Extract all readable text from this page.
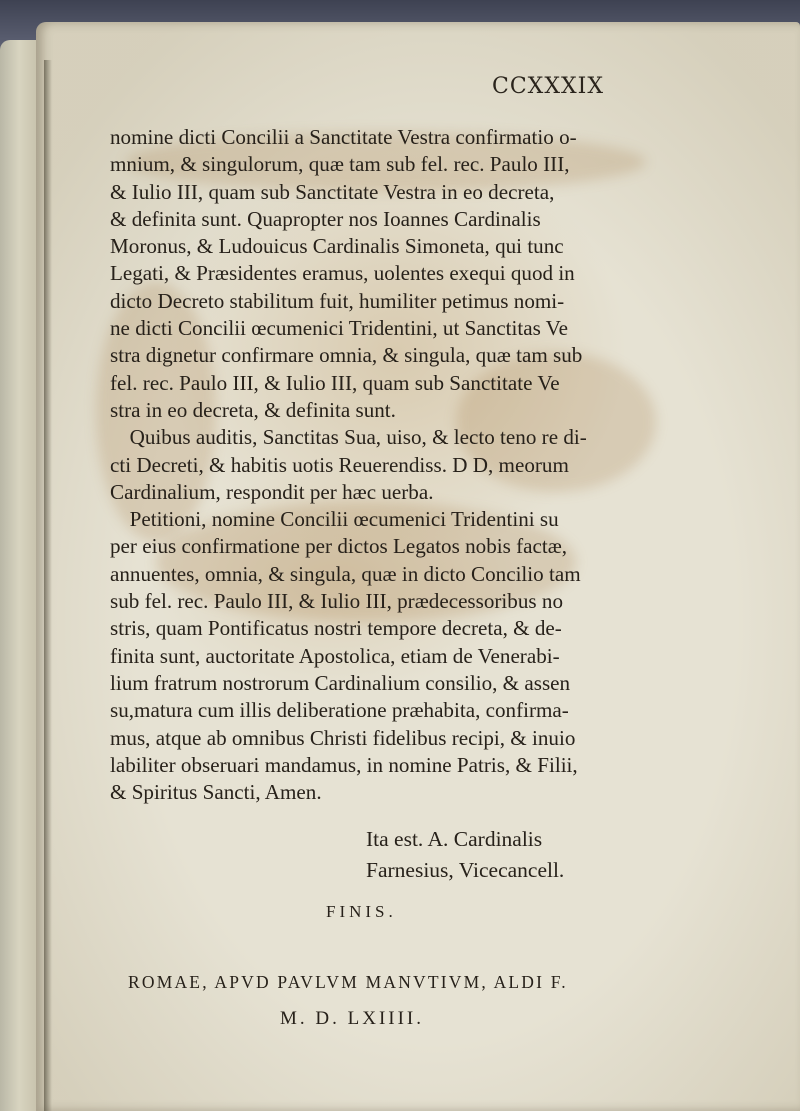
CCXXXIX
nomine dicti Concilii a Sanctitate Vestra confirmatio o-
mnium, & singulorum, quæ tam sub fel. rec. Paulo III,
& Iulio III, quam sub Sanctitate Vestra in eo decreta,
& definita sunt. Quapropter nos Ioannes Cardinalis
Moronus, & Ludouicus Cardinalis Simoneta, qui tunc
Legati, & Præsidentes eramus, uolentes exequi quod in
dicto Decreto stabilitum fuit, humiliter petimus nomi-
ne dicti Concilii œcumenici Tridentini, ut Sanctitas Ve
stra dignetur confirmare omnia, & singula, quæ tam sub
fel. rec. Paulo III, & Iulio III, quam sub Sanctitate Ve
stra in eo decreta, & definita sunt.
Quibus auditis, Sanctitas Sua, uiso, & lecto teno re di-
cti Decreti, & habitis uotis Reuerendiss. D D, meorum
Cardinalium, respondit per hæc uerba.
Petitioni, nomine Concilii œcumenici Tridentini su
per eius confirmatione per dictos Legatos nobis factæ,
annuentes, omnia, & singula, quæ in dicto Concilio tam
sub fel. rec. Paulo III, & Iulio III, prædecessoribus no
stris, quam Pontificatus nostri tempore decreta, & de-
finita sunt, auctoritate Apostolica, etiam de Venerabi-
lium fratrum nostrorum Cardinalium consilio, & assen
su,matura cum illis deliberatione præhabita, confirma-
mus, atque ab omnibus Christi fidelibus recipi, & inuio
labiliter obseruari mandamus, in nomine Patris, & Filii,
& Spiritus Sancti, Amen.
Ita est. A. Cardinalis
Farnesius, Vicecancell.
FINIS.
ROMAE, APVD PAVLVM MANVTIVM, ALDI F.
M. D. LXIIII.
